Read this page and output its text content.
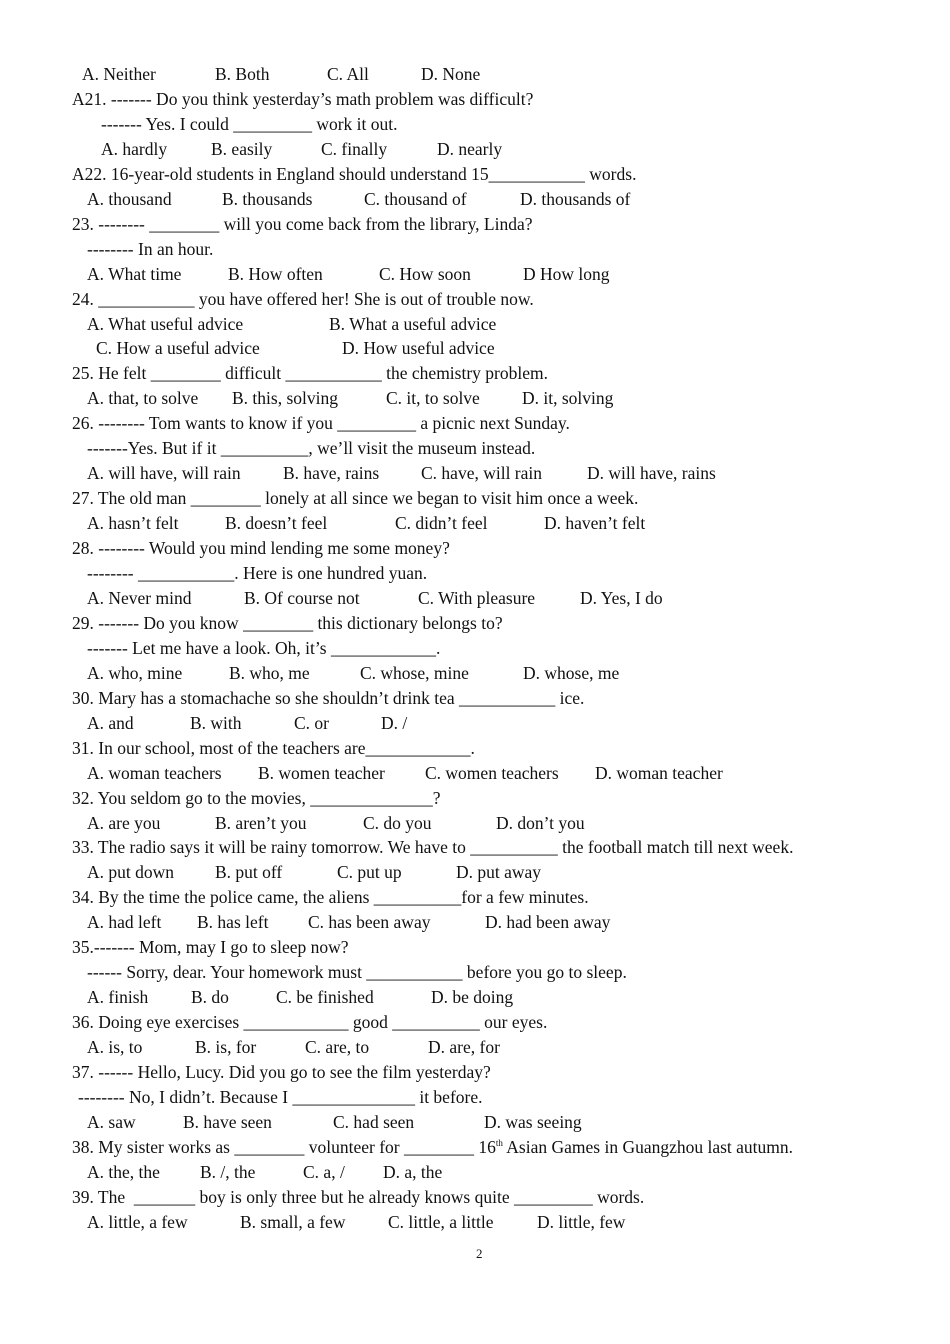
A. Neither	B. Both	C. All	D. None
A21. ------- Do you think yesterday’s math problem was difficult?
------- Yes. I could _________ work it out.
A. hardly	B. easily	C. finally	D. nearly
A22. 16-year-old students in England should understand 15___________ words.
A. thousand	B. thousands	C. thousand of	D. thousands of
23. -------- ________ will you come back from the library, Linda?
-------- In an hour.
A. What time	B. How often	C. How soon	D How long
24. ___________ you have offered her! She is out of trouble now.
A. What useful advice	B. What a useful advice
C. How a useful advice	D. How useful advice
25. He felt ________ difficult ___________ the chemistry problem.
A. that, to solve B. this, solving	C. it, to solve D. it, solving
26. -------- Tom wants to know if you _________ a picnic next Sunday.
-------Yes. But if it __________, we’ll visit the museum instead.
A. will have, will rain B. have, rains C. have, will rain	D. will have, rains
27. The old man ________ lonely at all since we began to visit him once a week.
A. hasn’t felt	B. doesn’t feel	C. didn’t feel	D. haven’t felt
28. -------- Would you mind lending me some money?
-------- ___________. Here is one hundred yuan.
A. Never mind	B. Of course not	C. With pleasure	D. Yes, I do
29. ------- Do you know ________ this dictionary belongs to?
------- Let me have a look. Oh, it’s ____________.
A. who, mine	B. who, me	C. whose, mine	D. whose, me
30. Mary has a stomachache so she shouldn’t drink tea ___________ ice.
A. and	B. with	C. or	D. /
31. In our school, most of the teachers are____________.
A. woman teachers B. women teacher C. women teachers D. woman teacher
32. You seldom go to the movies, ______________?
A. are you	B. aren’t you	C. do you	D. don’t you
33. The radio says it will be rainy tomorrow. We have to __________ the football match till next week.
A. put down B. put off	C. put up	D. put away
34. By the time the police came, the aliens __________for a few minutes.
A. had left B. has left C. has been away	D. had been away
35.------- Mom, may I go to sleep now?
------ Sorry, dear. Your homework must ___________ before you go to sleep.
A. finish B. do	C. be finished	D. be doing
36. Doing eye exercises ____________ good __________ our eyes.
A. is, to	B. is, for	C. are, to	D. are, for
37. ------ Hello, Lucy. Did you go to see the film yesterday?
-------- No, I didn’t. Because I ______________ it before.
A. saw	B. have seen	C. had seen	D. was seeing
A. the, the B. /, the	C. a, / D. a, the
39. The  _______ boy is only three but he already knows quite _________ words.
A. little, a few	B. small, a few C. little, a little D. little, few

38. My sister works as ________ volunteer for ________ 16th Asian Games in Guangzhou last autumn.

2
